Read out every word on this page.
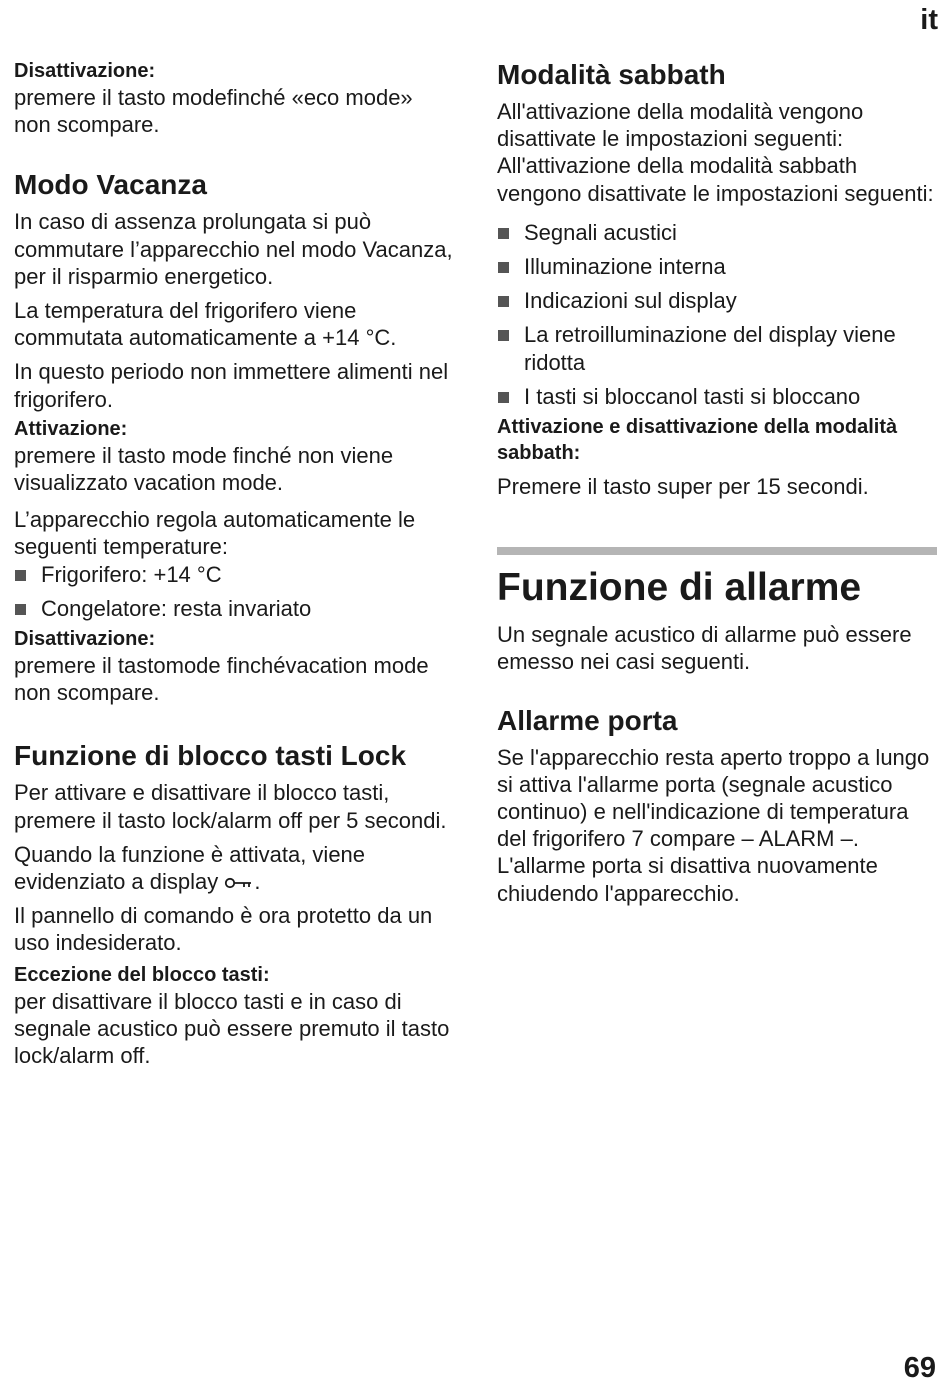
it
Disattivazione:

premere il tasto modefinché «eco mode» non scompare.

Modo Vacanza

In caso di assenza prolungata si può commutare l’apparecchio nel modo Vacanza, per il risparmio energetico.

La temperatura del frigorifero viene commutata automaticamente a +14 °C.

In questo periodo non immettere alimenti nel frigorifero.

Attivazione:

premere il tasto mode finché non viene visualizzato vacation mode.

L’apparecchio regola automaticamente le seguenti temperature:

Frigorifero: +14 °C
Congelatore: resta invariato
Disattivazione:

premere il tastomode finchévacation mode non scompare.

Funzione di blocco tasti Lock

Per attivare e disattivare il blocco tasti, premere il tasto lock/alarm off per 5 secondi.

Quando la funzione è attivata, viene evidenziato a display .

Il pannello di comando è ora protetto da un uso indesiderato.

Eccezione del blocco tasti:

per disattivare il blocco tasti e in caso di segnale acustico può essere premuto il tasto lock/alarm off.

Modalità sabbath

All'attivazione della modalità vengono disattivate le impostazioni seguenti: All'attivazione della modalità sabbath vengono disattivate le impostazioni seguenti:

Segnali acustici
Illuminazione interna
Indicazioni sul display
La retroilluminazione del display viene ridotta
I tasti si bloccanol tasti si bloccano
Attivazione e disattivazione della modalità sabbath:

Premere il tasto super per 15 secondi.

Funzione di allarme

Un segnale acustico di allarme può essere emesso nei casi seguenti.

Allarme porta

Se l'apparecchio resta aperto troppo a lungo si attiva l'allarme porta (segnale acustico continuo) e nell'indicazione di temperatura del frigorifero 7 compare – ALARM –. L'allarme porta si disattiva nuovamente chiudendo l'apparecchio.

69
